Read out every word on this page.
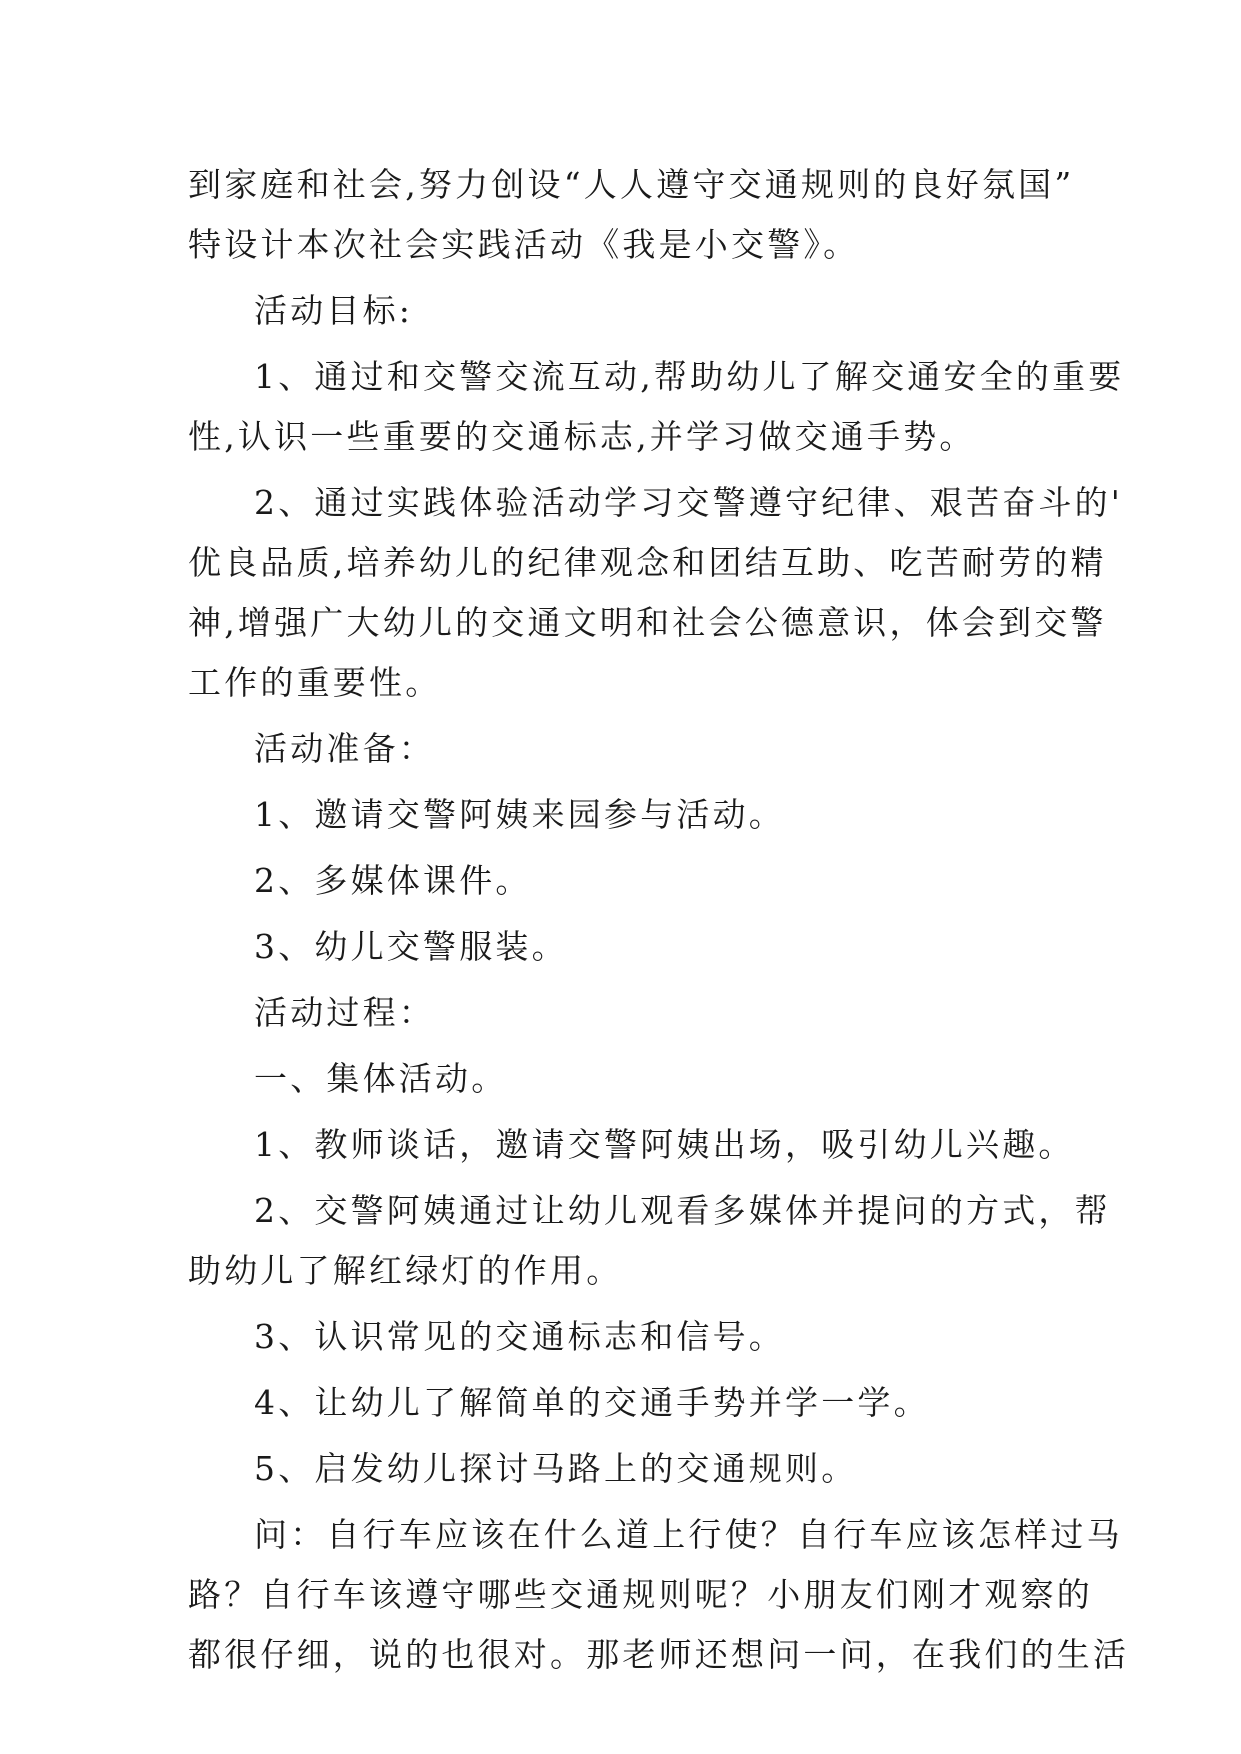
到家庭和社会,努力创设“人人遵守交通规则的良好氛国”
特设计本次社会实践活动《我是小交警》。
活动目标:
1、通过和交警交流互动,帮助幼儿了解交通安全的重要
性,认识一些重要的交通标志,并学习做交通手势。
2、通过实践体验活动学习交警遵守纪律、艰苦奋斗的'
优良品质,培养幼儿的纪律观念和团结互助、吃苦耐劳的精
神,增强广大幼儿的交通文明和社会公德意识，体会到交警
工作的重要性。
活动准备：
1、邀请交警阿姨来园参与活动。
2、多媒体课件。
3、幼儿交警服装。
活动过程：
一、集体活动。
1、教师谈话，邀请交警阿姨出场，吸引幼儿兴趣。
2、交警阿姨通过让幼儿观看多媒体并提问的方式，帮
助幼儿了解红绿灯的作用。
3、认识常见的交通标志和信号。
4、让幼儿了解简单的交通手势并学一学。
5、启发幼儿探讨马路上的交通规则。
问：自行车应该在什么道上行使？自行车应该怎样过马
路？自行车该遵守哪些交通规则呢？小朋友们刚才观察的
都很仔细，说的也很对。那老师还想问一问，在我们的生活
